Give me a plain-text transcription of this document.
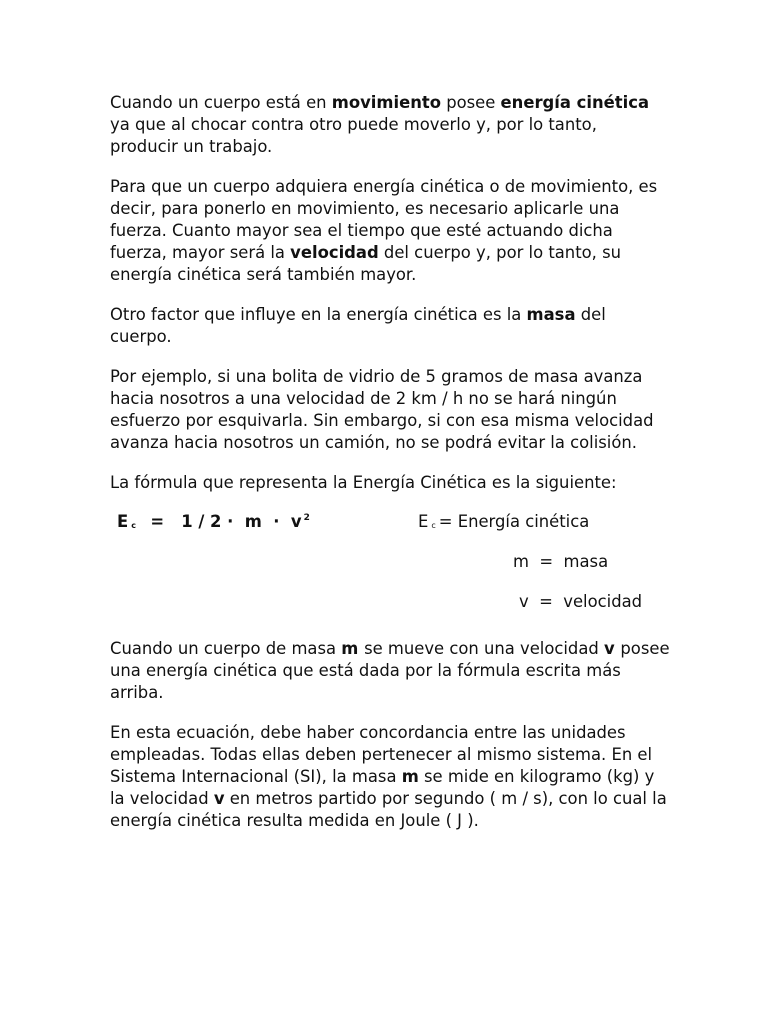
Cuando un cuerpo está en movimiento posee energía cinética ya que al chocar contra otro puede moverlo y, por lo tanto, producir un trabajo.

Para que un cuerpo adquiera energía cinética o de movimiento, es decir, para ponerlo en movimiento, es necesario aplicarle una fuerza. Cuanto mayor sea el tiempo que esté actuando dicha fuerza, mayor será la velocidad del cuerpo y, por lo tanto, su energía cinética será también mayor.

Otro factor que influye en la energía cinética es la masa del cuerpo.

Por ejemplo, si una bolita de vidrio de 5 gramos de masa avanza hacia nosotros a una velocidad de 2 km / h no se hará ningún esfuerzo por esquivarla. Sin embargo, si con esa misma velocidad avanza hacia nosotros un camión, no se podrá evitar la colisión.

La fórmula que representa la Energía Cinética es la siguiente:

E $_c$  =   1 / 2 ·  m  ·  v $^2$	E $_c$ = Energía cinética
m  =  masa
v  =  velocidad

Cuando un cuerpo de masa m se mueve con una velocidad v posee una energía cinética que está dada por la fórmula escrita más arriba.

En esta ecuación, debe haber concordancia entre las unidades empleadas. Todas ellas deben pertenecer al mismo sistema. En el Sistema Internacional (SI), la masa m se mide en kilogramo (kg) y la velocidad v en metros partido por segundo ( m / s), con lo cual la energía cinética resulta medida en Joule ( J ).
